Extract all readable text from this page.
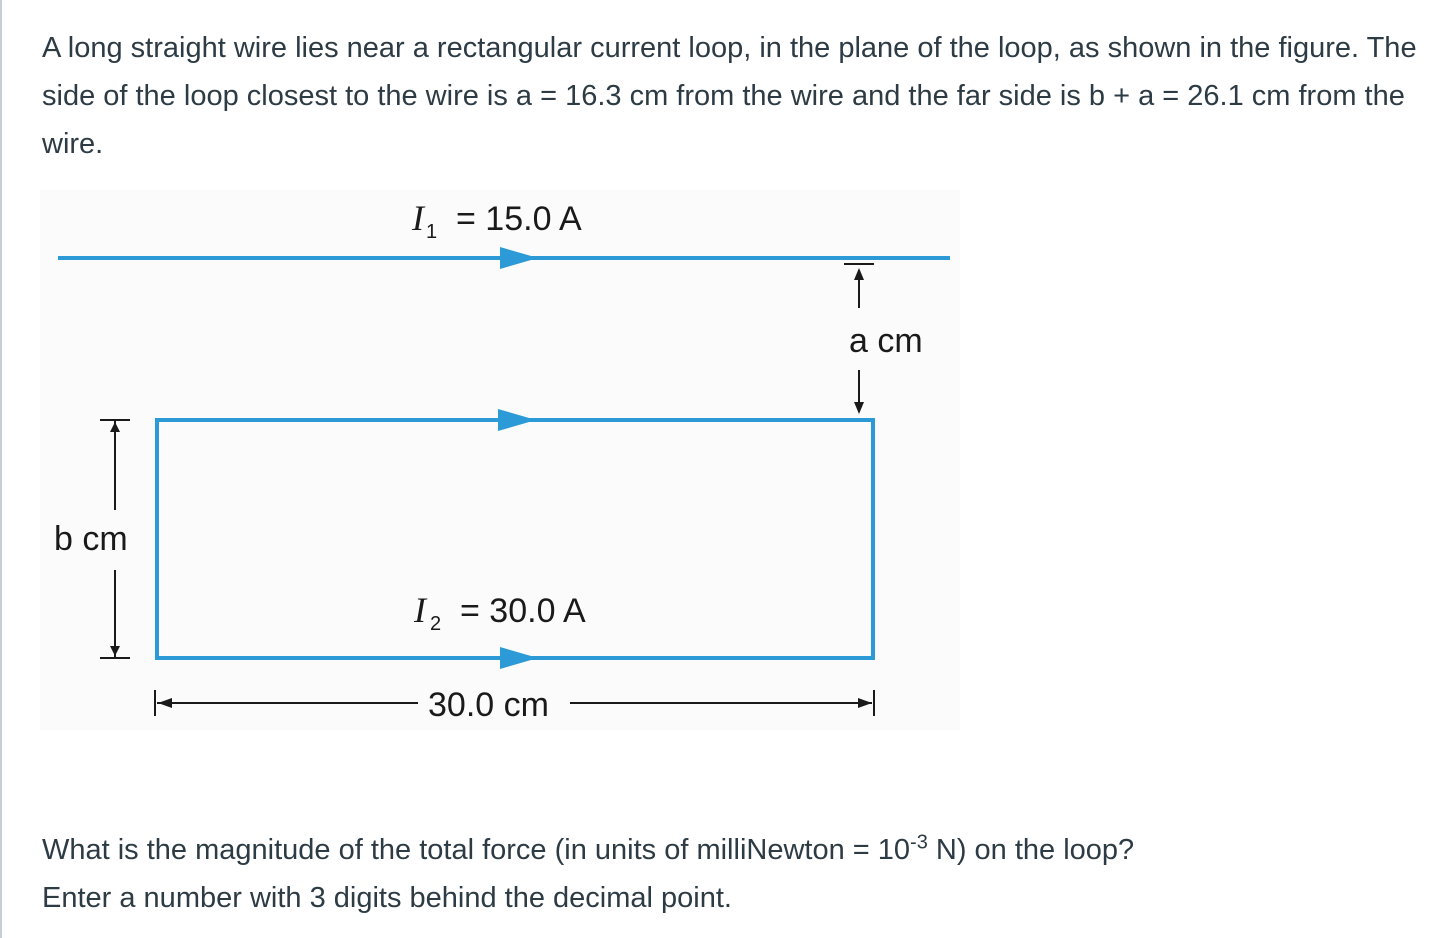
A long straight wire lies near a rectangular current loop, in the plane of the loop, as shown in the figure. The side of the loop closest to the wire is a = 16.3 cm from the wire and the far side is b + a = 26.1 cm from the wire.
I 1 = 15.0 A
a cm
I 2 = 30.0 A
b cm
30.0 cm
What is the magnitude of the total force (in units of milliNewton = $10^{-3}$ N) on the loop?
Enter a number with 3 digits behind the decimal point.
